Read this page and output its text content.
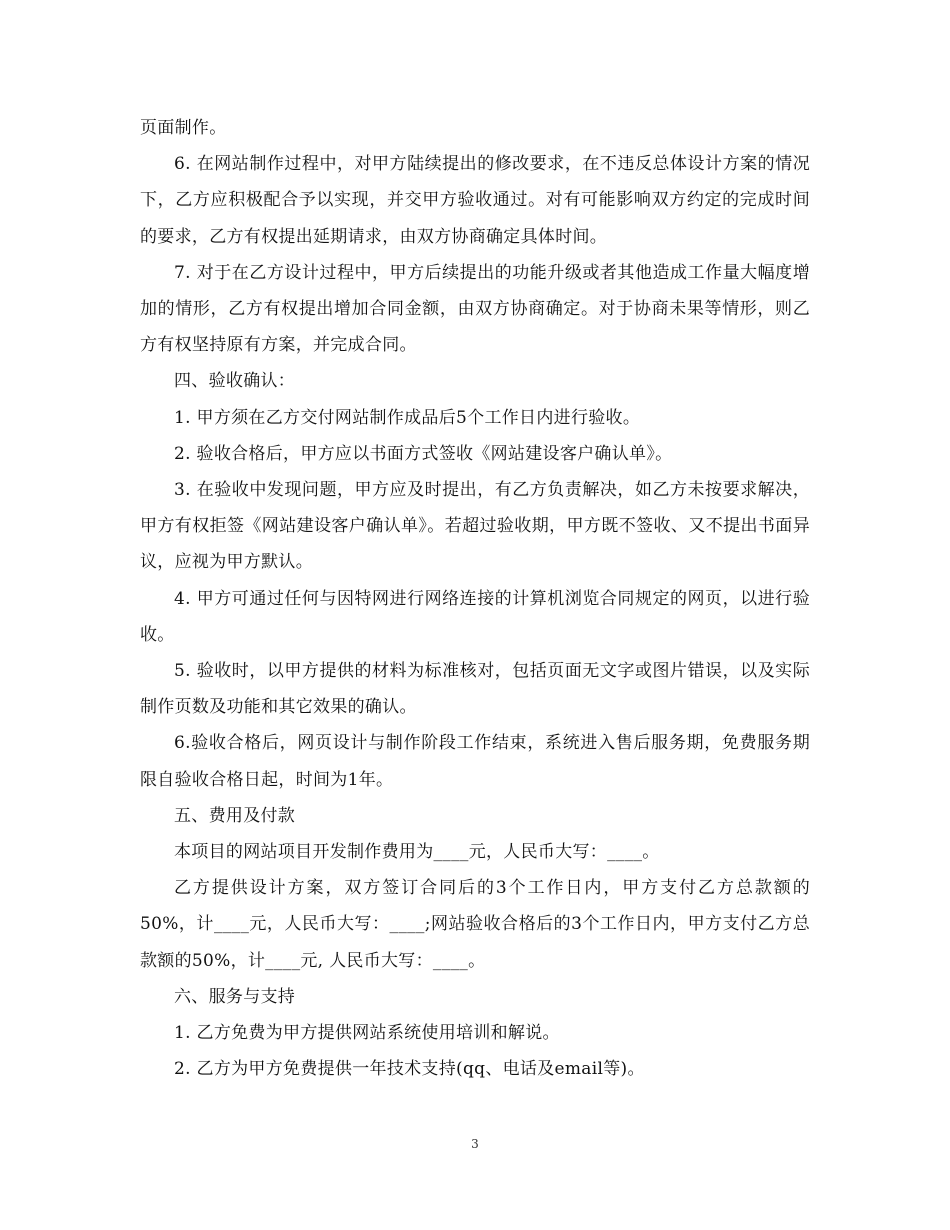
页面制作。

6. 在网站制作过程中，对甲方陆续提出的修改要求，在不违反总体设计方案的情况下，乙方应积极配合予以实现，并交甲方验收通过。对有可能影响双方约定的完成时间的要求，乙方有权提出延期请求，由双方协商确定具体时间。

7. 对于在乙方设计过程中，甲方后续提出的功能升级或者其他造成工作量大幅度增加的情形，乙方有权提出增加合同金额，由双方协商确定。对于协商未果等情形，则乙方有权坚持原有方案，并完成合同。

四、验收确认：

1. 甲方须在乙方交付网站制作成品后5个工作日内进行验收。

2. 验收合格后，甲方应以书面方式签收《网站建设客户确认单》。

3. 在验收中发现问题，甲方应及时提出，有乙方负责解决，如乙方未按要求解决，甲方有权拒签《网站建设客户确认单》。若超过验收期，甲方既不签收、又不提出书面异议，应视为甲方默认。

4. 甲方可通过任何与因特网进行网络连接的计算机浏览合同规定的网页，以进行验收。

5. 验收时，以甲方提供的材料为标准核对，包括页面无文字或图片错误，以及实际制作页数及功能和其它效果的确认。

6.验收合格后，网页设计与制作阶段工作结束，系统进入售后服务期，免费服务期限自验收合格日起，时间为1年。

五、费用及付款

本项目的网站项目开发制作费用为____元，人民币大写：____。

乙方提供设计方案，双方签订合同后的3个工作日内，甲方支付乙方总款额的50%，计____元，人民币大写：____;网站验收合格后的3个工作日内，甲方支付乙方总款额的50%，计____元, 人民币大写：____。

六、服务与支持

1. 乙方免费为甲方提供网站系统使用培训和解说。

2. 乙方为甲方免费提供一年技术支持(qq、电话及email等)。

3
